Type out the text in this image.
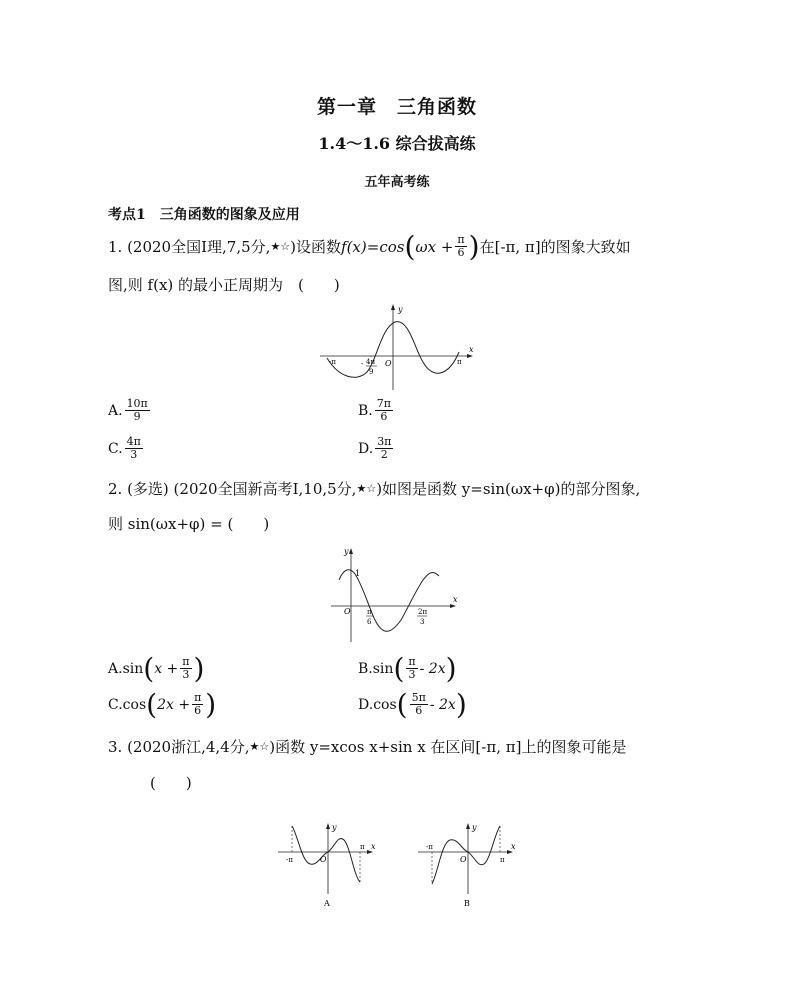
第一章　三角函数
1.4～1.6 综合拔高练
五年高考练
考点1　三角函数的图象及应用
1. (2020全国Ⅰ理,7,5分, ★☆ )设函数 f(x)=cos ( $\omega x + \frac{\pi}{6}$ ) 在[-π, π]的图象大致如
图,则 f(x) 的最小正周期为　(　　)
y
x
O
-π	π
- 4π
9
A. $\frac{10\pi}{9}$	B. $\frac{7\pi}{6}$
C. $\frac{4\pi}{3}$	D. $\frac{3\pi}{2}$
2. (多选) (2020全国新高考Ⅰ,10,5分, ★☆ )如图是函数 y=sin(ωx+φ)的部分图象,
则 sin(ωx+φ) = (　　)
y
x
O
1
π
6
2π
3
A. sin ( $x + \frac{\pi}{3}$ )	B. sin ( $\frac{\pi}{3} - 2x$ )
C. cos ( $2x + \frac{\pi}{6}$ )	D. cos ( $\frac{5\pi}{6} - 2x$ )
3. (2020浙江,4,4分, ★☆ )函数 y=xcos x+sin x 在区间[-π, π]上的图象可能是
(　　)
y
x
O
-π
π
A
y
x
O
-π
π
B
